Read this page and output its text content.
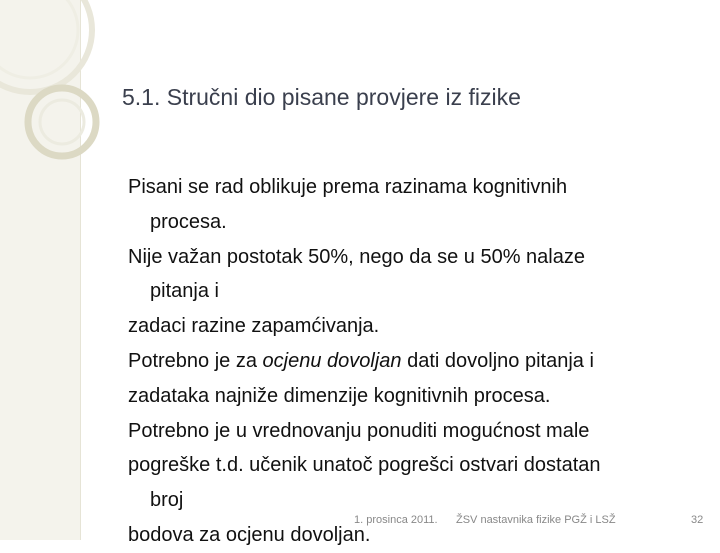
5.1. Stručni dio pisane provjere iz fizike
Pisani se rad oblikuje prema razinama kognitivnih
procesa.
Nije važan postotak 50%, nego da se u 50% nalaze
pitanja i
zadaci razine zapamćivanja.
Potrebno je za ocjenu dovoljan dati dovoljno pitanja i
zadataka najniže dimenzije kognitivnih procesa.
Potrebno je u vrednovanju ponuditi mogućnost male
pogreške t.d. učenik unatoč pogrešci ostvari dostatan
broj
bodova za ocjenu dovoljan.
1. prosinca 2011. ŽSV nastavnika fizike PGŽ i LSŽ	32
